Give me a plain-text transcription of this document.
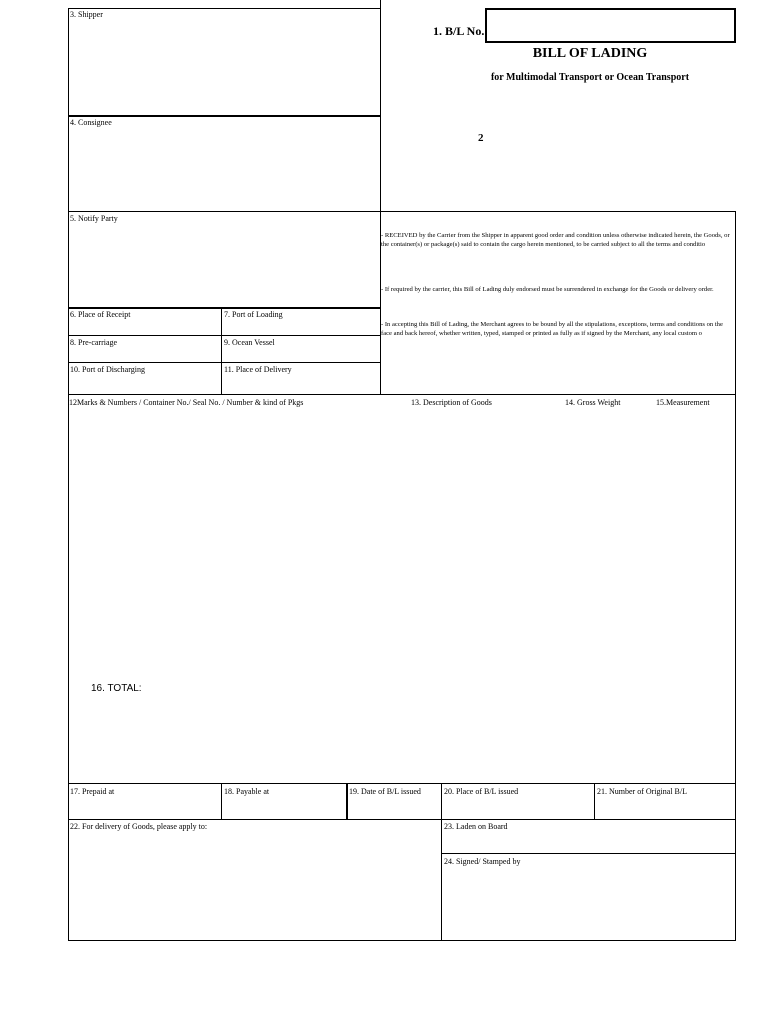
1. B/L No.
BILL OF LADING
for Multimodal Transport or Ocean Transport
2
3. Shipper
4. Consignee
5. Notify Party
6. Place of Receipt	7. Port of Loading
8. Pre-carriage	9. Ocean Vessel
10. Port of Discharging	11. Place of Delivery
- RECEIVED by the Carrier from the Shipper in apparent good order and condition unless otherwise indicated herein, the Goods, or the container(s) or package(s) said to contain the cargo herein mentioned, to be carried subject to all the terms and conditio
- If required by the carrier, this Bill of Lading duly endorsed must be surrendered in exchange for the Goods or delivery order.
- In accepting this Bill of Lading, the Merchant agrees to be bound by all the stipulations, exceptions, terms and conditions on the face and back hereof, whether written, typed, stamped or printed as fully as if signed by the Merchant, any local custom o
12Marks & Numbers / Container No./ Seal No. / Number & kind of Pkgs	13. Description of Goods	14. Gross Weight	15.Measurement
16. TOTAL:
17. Prepaid at	18. Payable at	19. Date of B/L issued	20. Place of B/L issued	21. Number of Original B/L
22. For delivery of Goods, please apply to:	23. Laden on Board
24. Signed/ Stamped by
